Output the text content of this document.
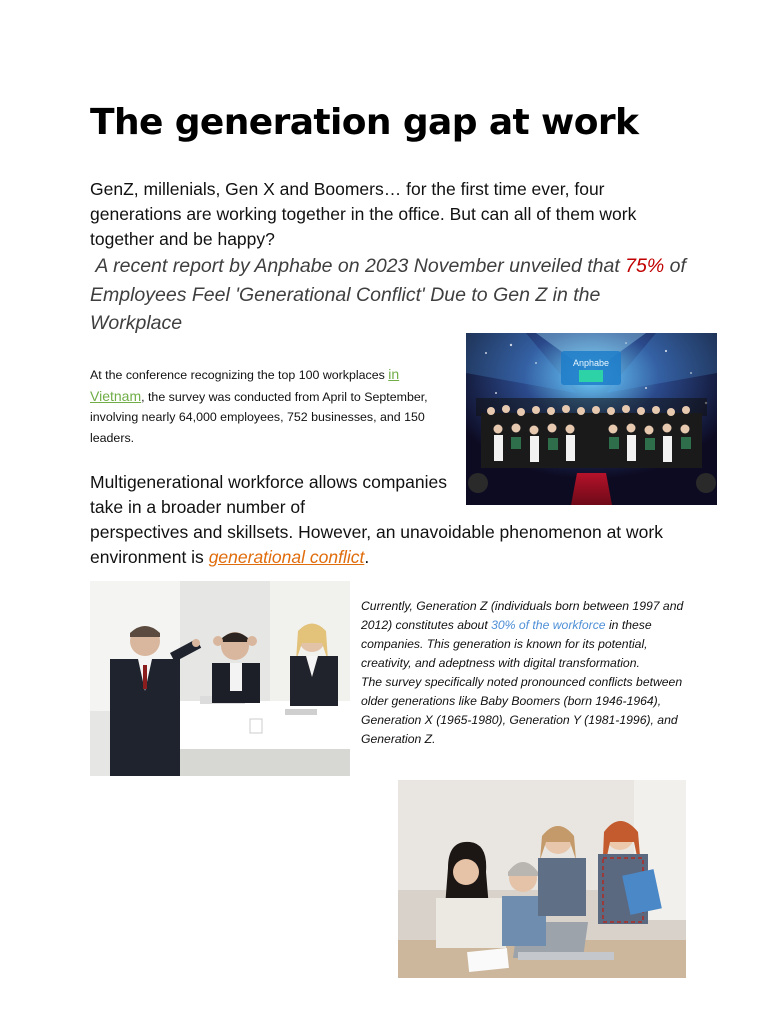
The generation gap at work

GenZ, millenials, Gen X and Boomers… for the first time ever, four generations are working together in the office. But can all of them work together and be happy?

A recent report by Anphabe on 2023 November unveiled that 75% of Employees Feel 'Generational Conflict' Due to Gen Z in the Workplace

At the conference recognizing the top 100 workplaces in Vietnam, the survey was conducted from April to September, involving nearly 64,000 employees, 752 businesses, and 150 leaders.

Anphabe

Multigenerational workforce allows companies take in a broader number of
perspectives and skillsets. However, an unavoidable phenomenon at work environment is generational conflict.

Currently, Generation Z (individuals born between 1997 and 2012) constitutes about 30% of the workforce in these companies. This generation is known for its potential, creativity, and adeptness with digital transformation.

The survey specifically noted pronounced conflicts between older generations like Baby Boomers (born 1946-1964), Generation X (1965-1980), Generation Y (1981-1996), and Generation Z.
